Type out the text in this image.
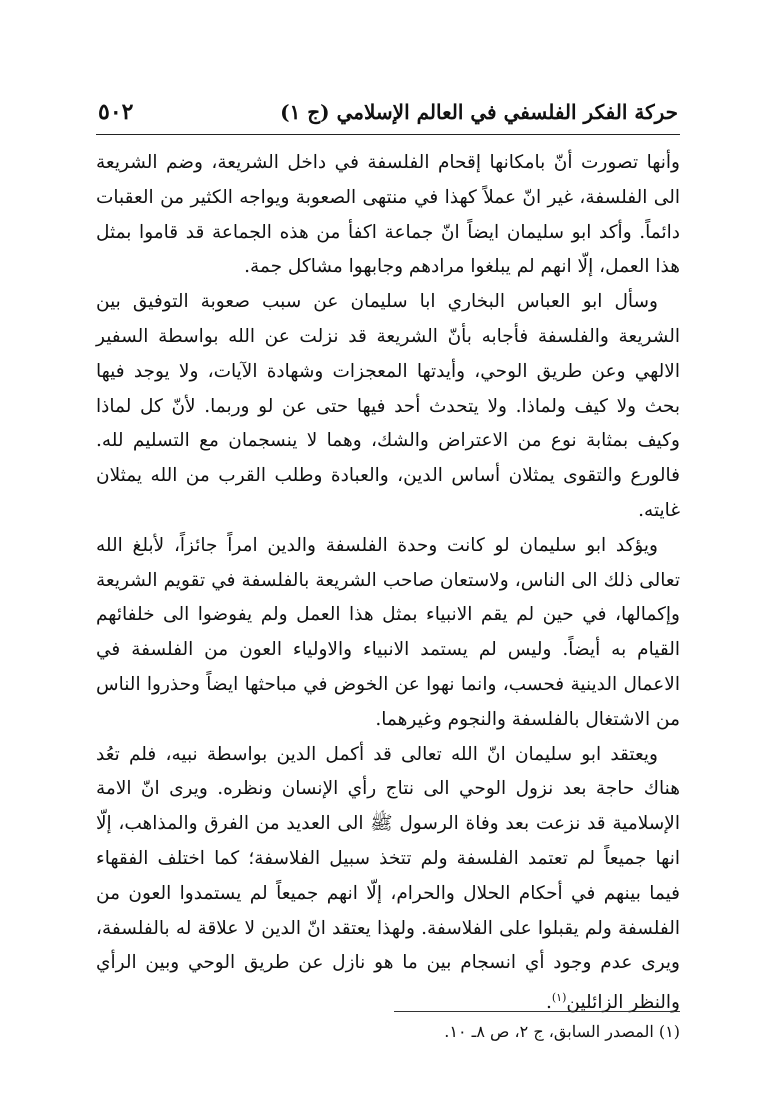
٥٠٢	حركة الفكر الفلسفي في العالم الإسلامي (ج ١)

وأنها تصورت أنّ بامكانها إقحام الفلسفة في داخل الشريعة، وضم الشريعة الى الفلسفة، غير انّ عملاً كهذا في منتهى الصعوبة ويواجه الكثير من العقبات دائماً. وأكد ابو سليمان ايضاً انّ جماعة اكفأ من هذه الجماعة قد قاموا بمثل هذا العمل، إلّا انهم لم يبلغوا مرادهم وجابهوا مشاكل جمة.

وسأل ابو العباس البخاري ابا سليمان عن سبب صعوبة التوفيق بين الشريعة والفلسفة فأجابه بأنّ الشريعة قد نزلت عن الله بواسطة السفير الالهي وعن طريق الوحي، وأيدتها المعجزات وشهادة الآيات، ولا يوجد فيها بحث ولا كيف ولماذا. ولا يتحدث أحد فيها حتى عن لو وربما. لأنّ كل لماذا وكيف بمثابة نوع من الاعتراض والشك، وهما لا ينسجمان مع التسليم لله. فالورع والتقوى يمثلان أساس الدين، والعبادة وطلب القرب من الله يمثلان غايته.

ويؤكد ابو سليمان لو كانت وحدة الفلسفة والدين امراً جائزاً، لأبلغ الله تعالى ذلك الى الناس، ولاستعان صاحب الشريعة بالفلسفة في تقويم الشريعة وإكمالها، في حين لم يقم الانبياء بمثل هذا العمل ولم يفوضوا الى خلفائهم القيام به أيضاً. وليس لم يستمد الانبياء والاولياء العون من الفلسفة في الاعمال الدينية فحسب، وانما نهوا عن الخوض في مباحثها ايضاً وحذروا الناس من الاشتغال بالفلسفة والنجوم وغيرهما.

ويعتقد ابو سليمان انّ الله تعالى قد أكمل الدين بواسطة نبيه، فلم تعُد هناك حاجة بعد نزول الوحي الى نتاج رأي الإنسان ونظره. ويرى انّ الامة الإسلامية قد نزعت بعد وفاة الرسول ﷺ الى العديد من الفرق والمذاهب، إلّا انها جميعاً لم تعتمد الفلسفة ولم تتخذ سبيل الفلاسفة؛ كما اختلف الفقهاء فيما بينهم في أحكام الحلال والحرام، إلّا انهم جميعاً لم يستمدوا العون من الفلسفة ولم يقبلوا على الفلاسفة. ولهذا يعتقد انّ الدين لا علاقة له بالفلسفة، ويرى عدم وجود أي انسجام بين ما هو نازل عن طريق الوحي وبين الرأي والنظر الزائلين$^{(١)}$.

(١) المصدر السابق، ج ٢، ص ٨ـ ١٠.
